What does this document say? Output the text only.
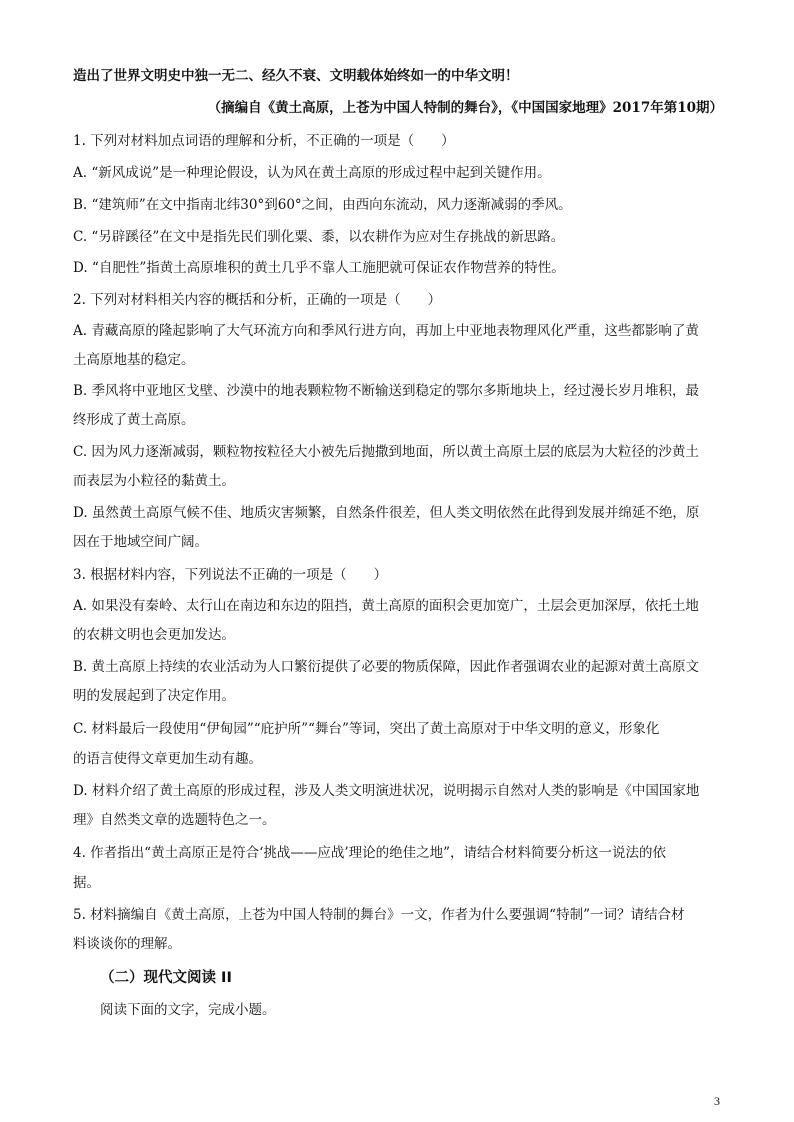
造出了世界文明史中独一无二、经久不衰、文明载体始终如一的中华文明！
（摘编自《黄土高原，上苍为中国人特制的舞台》，《中国国家地理》2017年第10期）
1. 下列对材料加点词语的理解和分析，不正确的一项是（　　）
A. “新风成说”是一种理论假设，认为风在黄土高原的形成过程中起到关键作用。
B. “建筑师”在文中指南北纬30°到60°之间，由西向东流动，风力逐渐减弱的季风。
C. “另辟蹊径”在文中是指先民们驯化粟、黍，以农耕作为应对生存挑战的新思路。
D. “自肥性”指黄土高原堆积的黄土几乎不靠人工施肥就可保证农作物营养的特性。
2. 下列对材料相关内容的概括和分析，正确的一项是（　　）
A. 青藏高原的隆起影响了大气环流方向和季风行进方向，再加上中亚地表物理风化严重，这些都影响了黄
土高原地基的稳定。
B. 季风将中亚地区戈壁、沙漠中的地表颗粒物不断输送到稳定的鄂尔多斯地块上，经过漫长岁月堆积，最
终形成了黄土高原。
C. 因为风力逐渐减弱，颗粒物按粒径大小被先后抛撒到地面，所以黄土高原土层的底层为大粒径的沙黄土
而表层为小粒径的黏黄土。
D. 虽然黄土高原气候不佳、地质灾害频繁，自然条件很差，但人类文明依然在此得到发展并绵延不绝，原
因在于地域空间广阔。
3. 根据材料内容，下列说法不正确的一项是（　　）
A. 如果没有秦岭、太行山在南边和东边的阻挡，黄土高原的面积会更加宽广，土层会更加深厚，依托土地
的农耕文明也会更加发达。
B. 黄土高原上持续的农业活动为人口繁衍提供了必要的物质保障，因此作者强调农业的起源对黄土高原文
明的发展起到了决定作用。
C. 材料最后一段使用“伊甸园”“庇护所”“舞台”等词，突出了黄土高原对于中华文明的意义，形象化
的语言使得文章更加生动有趣。
D. 材料介绍了黄土高原的形成过程，涉及人类文明演进状况，说明揭示自然对人类的影响是《中国国家地
理》自然类文章的选题特色之一。
4. 作者指出“黄土高原正是符合‘挑战——应战’理论的绝佳之地”，请结合材料简要分析这一说法的依
据。
5. 材料摘编自《黄土高原，上苍为中国人特制的舞台》一文，作者为什么要强调“特制”一词？请结合材
料谈谈你的理解。
（二）现代文阅读 II
阅读下面的文字，完成小题。
3
